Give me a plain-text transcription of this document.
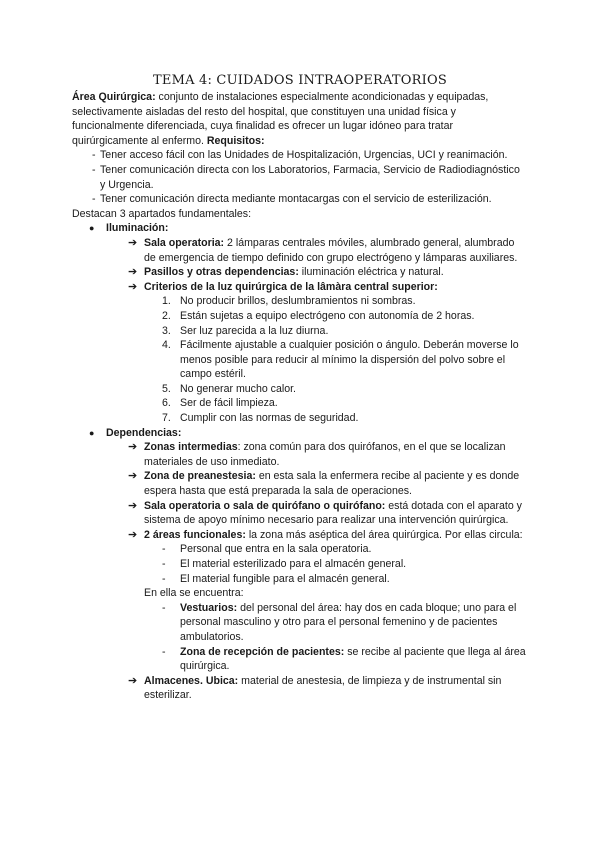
TEMA 4: CUIDADOS INTRAOPERATORIOS

Área Quirúrgica: conjunto de instalaciones especialmente acondicionadas y equipadas, selectivamente aisladas del resto del hospital, que constituyen una unidad física y funcionalmente diferenciada, cuya finalidad es ofrecer un lugar idóneo para tratar quirúrgicamente al enfermo. Requisitos:

- Tener acceso fácil con las Unidades de Hospitalización, Urgencias, UCI y reanimación.
- Tener comunicación directa con los Laboratorios, Farmacia, Servicio de Radiodiagnóstico y Urgencia.
- Tener comunicación directa mediante montacargas con el servicio de esterilización.

Destacan 3 apartados fundamentales:

● Iluminación:
➔ Sala operatoria: 2 lámparas centrales móviles, alumbrado general, alumbrado de emergencia de tiempo definido con grupo electrógeno y lámparas auxiliares.
➔ Pasillos y otras dependencias: iluminación eléctrica y natural.
➔ Criterios de la luz quirúrgica de la lâmàra central superior:
1. No producir brillos, deslumbramientos ni sombras.
2. Están sujetas a equipo electrógeno con autonomía de 2 horas.
3. Ser luz parecida a la luz diurna.
4. Fácilmente ajustable a cualquier posición o ángulo. Deberán moverse lo menos posible para reducir al mínimo la dispersión del polvo sobre el campo estéril.
5. No generar mucho calor.
6. Ser de fácil limpieza.
7. Cumplir con las normas de seguridad.
● Dependencias:
➔ Zonas intermedias: zona común para dos quirófanos, en el que se localizan materiales de uso inmediato.
➔ Zona de preanestesia: en esta sala la enfermera recibe al paciente y es donde espera hasta que está preparada la sala de operaciones.
➔ Sala operatoria o sala de quirófano o quirófano: está dotada con el aparato y sistema de apoyo mínimo necesario para realizar una intervención quirúrgica.
➔ 2 áreas funcionales: la zona más aséptica del área quirúrgica. Por ellas circula:
- Personal que entra en la sala operatoria.
- El material esterilizado para el almacén general.
- El material fungible para el almacén general.

En ella se encuentra:

- Vestuarios: del personal del área: hay dos en cada bloque; uno para el personal masculino y otro para el personal femenino y de pacientes ambulatorios.
- Zona de recepción de pacientes: se recibe al paciente que llega al área quirúrgica.
➔ Almacenes. Ubica: material de anestesia, de limpieza y de instrumental sin esterilizar.
